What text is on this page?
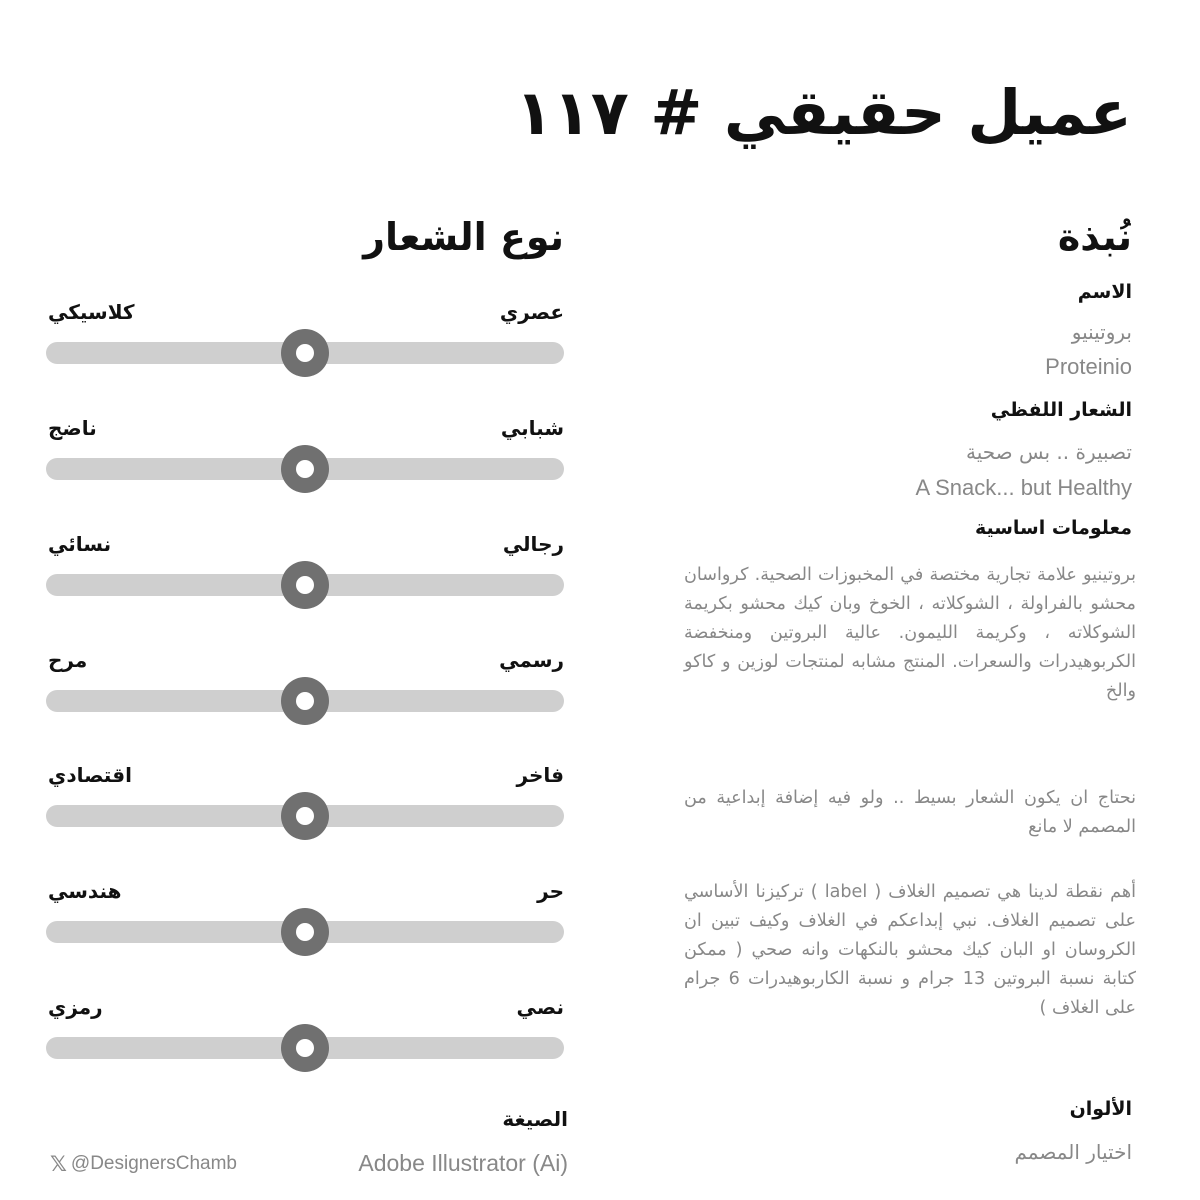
عميل حقيقي # ١١٧
نُبذة
الاسم
بروتينيو
Proteinio
الشعار اللفظي
تصبيرة .. بس صحية
A Snack... but Healthy
معلومات اساسية
بروتينيو علامة تجارية مختصة في المخبوزات الصحية. كرواسان محشو بالفراولة ، الشوكلاته ، الخوخ وبان كيك محشو بكريمة الشوكلاته ، وكريمة الليمون. عالية البروتين ومنخفضة الكربوهيدرات والسعرات. المنتج مشابه لمنتجات لوزين و كاكو والخ
نحتاج ان يكون الشعار بسيط .. ولو فيه إضافة إبداعية من المصمم لا مانع
أهم نقطة لدينا هي تصميم الغلاف ( label ) تركيزنا الأساسي على تصميم الغلاف. نبي إبداعكم في الغلاف وكيف تبين ان الكروسان او البان كيك محشو بالنكهات وانه صحي ( ممكن كتابة نسبة البروتين 13 جرام و نسبة الكاربوهيدرات 6 جرام على الغلاف )
الألوان
اختيار المصمم
نوع الشعار
عصري
كلاسيكي
شبابي
ناضج
رجالي
نسائي
رسمي
مرح
فاخر
اقتصادي
حر
هندسي
نصي
رمزي
الصيغة
Adobe Illustrator (Ai)
𝕏 @DesignersChamb
